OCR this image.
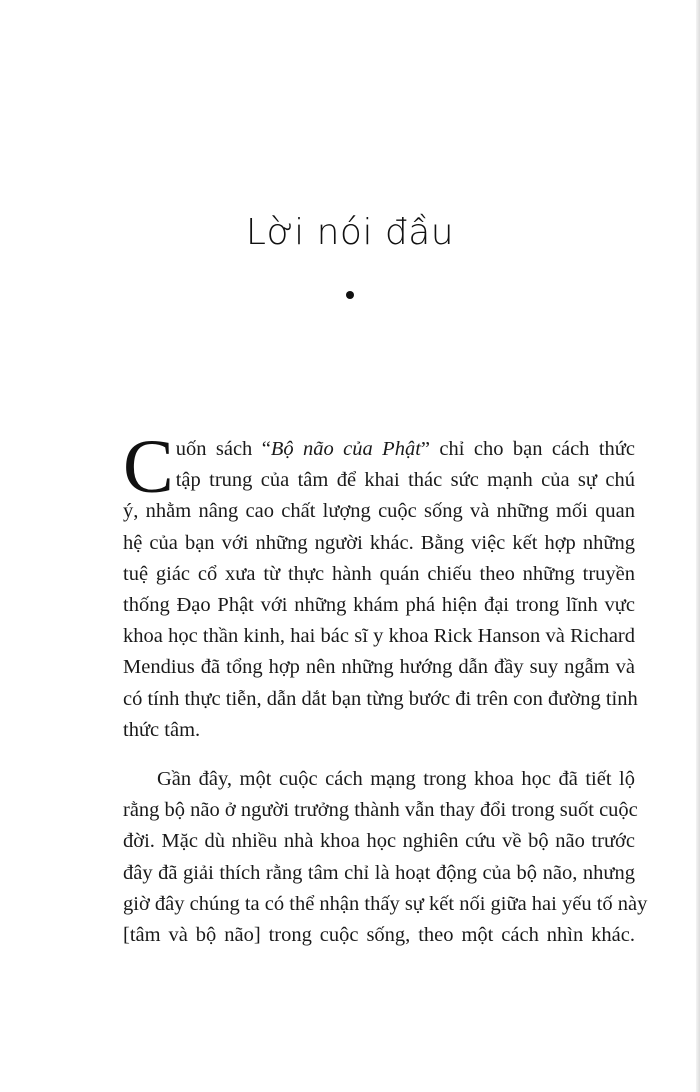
Lời nói đầu

C uốn sách “Bộ não của Phật” chỉ cho bạn cách thức
tập trung của tâm để khai thác sức mạnh của sự chú
ý, nhằm nâng cao chất lượng cuộc sống và những mối quan
hệ của bạn với những người khác. Bằng việc kết hợp những
tuệ giác cổ xưa từ thực hành quán chiếu theo những truyền
thống Đạo Phật với những khám phá hiện đại trong lĩnh vực
khoa học thần kinh, hai bác sĩ y khoa Rick Hanson và Richard
Mendius đã tổng hợp nên những hướng dẫn đầy suy ngẫm và
có tính thực tiễn, dẫn dắt bạn từng bước đi trên con đường tỉnh
thức tâm.

Gần đây, một cuộc cách mạng trong khoa học đã tiết lộ
rằng bộ não ở người trưởng thành vẫn thay đổi trong suốt cuộc
đời. Mặc dù nhiều nhà khoa học nghiên cứu về bộ não trước
đây đã giải thích rằng tâm chỉ là hoạt động của bộ não, nhưng
giờ đây chúng ta có thể nhận thấy sự kết nối giữa hai yếu tố này
[tâm và bộ não] trong cuộc sống, theo một cách nhìn khác.
